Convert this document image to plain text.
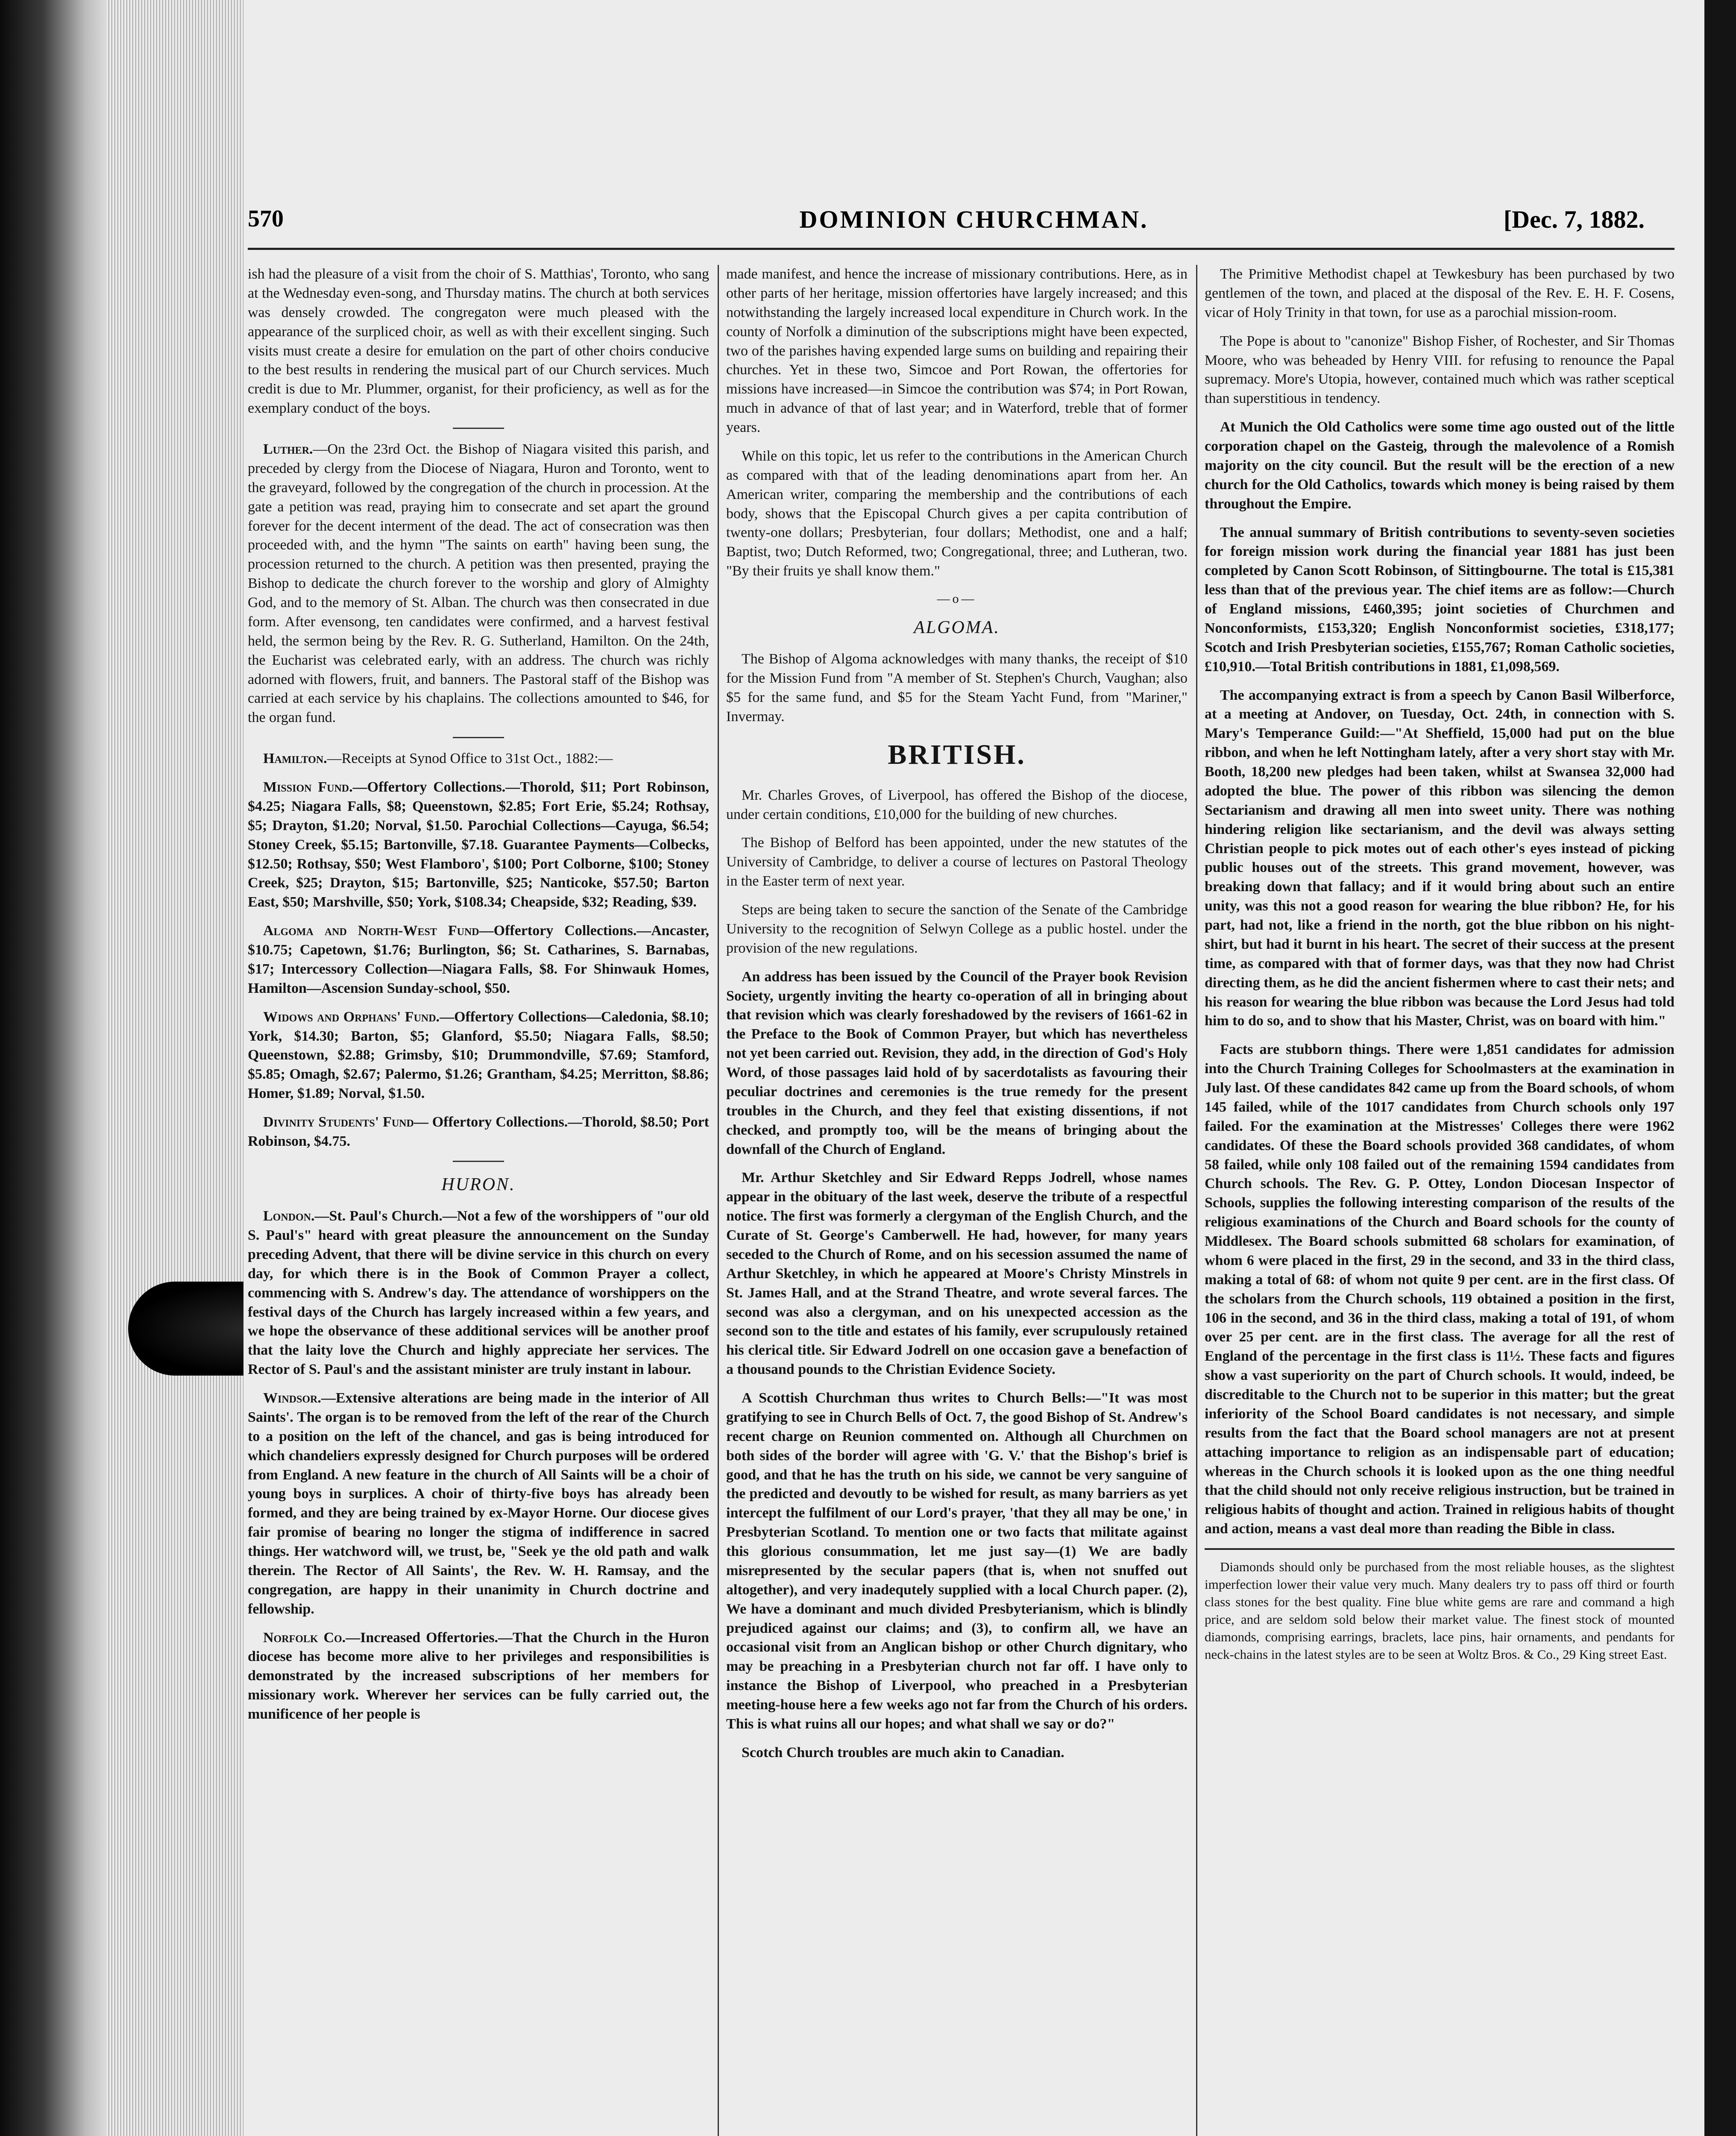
570	DOMINION CHURCHMAN.	[Dec. 7, 1882.

ish had the pleasure of a visit from the choir of S. Matthias', Toronto, who sang at the Wednesday even-song, and Thursday matins. The church at both services was densely crowded. The congregaton were much pleased with the appearance of the surpliced choir, as well as with their excellent singing. Such visits must create a desire for emulation on the part of other choirs conducive to the best results in rendering the musical part of our Church services. Much credit is due to Mr. Plummer, organist, for their proficiency, as well as for the exemplary conduct of the boys.

Luther.—On the 23rd Oct. the Bishop of Niagara visited this parish, and preceded by clergy from the Diocese of Niagara, Huron and Toronto, went to the graveyard, followed by the congregation of the church in procession. At the gate a petition was read, praying him to consecrate and set apart the ground forever for the decent interment of the dead. The act of consecration was then proceeded with, and the hymn "The saints on earth" having been sung, the procession returned to the church. A petition was then presented, praying the Bishop to dedicate the church forever to the worship and glory of Almighty God, and to the memory of St. Alban. The church was then consecrated in due form. After evensong, ten candidates were confirmed, and a harvest festival held, the sermon being by the Rev. R. G. Sutherland, Hamilton. On the 24th, the Eucharist was celebrated early, with an address. The church was richly adorned with flowers, fruit, and banners. The Pastoral staff of the Bishop was carried at each service by his chaplains. The collections amounted to $46, for the organ fund.

Hamilton.—Receipts at Synod Office to 31st Oct., 1882:—

Mission Fund.—Offertory Collections.—Thorold, $11; Port Robinson, $4.25; Niagara Falls, $8; Queenstown, $2.85; Fort Erie, $5.24; Rothsay, $5; Drayton, $1.20; Norval, $1.50. Parochial Collections—Cayuga, $6.54; Stoney Creek, $5.15; Bartonville, $7.18. Guarantee Payments—Colbecks, $12.50; Rothsay, $50; West Flamboro', $100; Port Colborne, $100; Stoney Creek, $25; Drayton, $15; Bartonville, $25; Nanticoke, $57.50; Barton East, $50; Marshville, $50; York, $108.34; Cheapside, $32; Reading, $39.

Algoma and North-West Fund—Offertory Collections.—Ancaster, $10.75; Capetown, $1.76; Burlington, $6; St. Catharines, S. Barnabas, $17; Intercessory Collection—Niagara Falls, $8. For Shinwauk Homes, Hamilton—Ascension Sunday-school, $50.

Widows and Orphans' Fund.—Offertory Collections—Caledonia, $8.10; York, $14.30; Barton, $5; Glanford, $5.50; Niagara Falls, $8.50; Queenstown, $2.88; Grimsby, $10; Drummondville, $7.69; Stamford, $5.85; Omagh, $2.67; Palermo, $1.26; Grantham, $4.25; Merritton, $8.86; Homer, $1.89; Norval, $1.50.

Divinity Students' Fund— Offertory Collections.—Thorold, $8.50; Port Robinson, $4.75.

HURON.

London.—St. Paul's Church.—Not a few of the worshippers of "our old S. Paul's" heard with great pleasure the announcement on the Sunday preceding Advent, that there will be divine service in this church on every day, for which there is in the Book of Common Prayer a collect, commencing with S. Andrew's day. The attendance of worshippers on the festival days of the Church has largely increased within a few years, and we hope the observance of these additional services will be another proof that the laity love the Church and highly appreciate her services. The Rector of S. Paul's and the assistant minister are truly instant in labour.

Windsor.—Extensive alterations are being made in the interior of All Saints'. The organ is to be removed from the left of the rear of the Church to a position on the left of the chancel, and gas is being introduced for which chandeliers expressly designed for Church purposes will be ordered from England. A new feature in the church of All Saints will be a choir of young boys in surplices. A choir of thirty-five boys has already been formed, and they are being trained by ex-Mayor Horne. Our diocese gives fair promise of bearing no longer the stigma of indifference in sacred things. Her watchword will, we trust, be, "Seek ye the old path and walk therein. The Rector of All Saints', the Rev. W. H. Ramsay, and the congregation, are happy in their unanimity in Church doctrine and fellowship.

Norfolk Co.—Increased Offertories.—That the Church in the Huron diocese has become more alive to her privileges and responsibilities is demonstrated by the increased subscriptions of her members for missionary work. Wherever her services can be fully carried out, the munificence of her people is

made manifest, and hence the increase of missionary contributions. Here, as in other parts of her heritage, mission offertories have largely increased; and this notwithstanding the largely increased local expenditure in Church work. In the county of Norfolk a diminution of the subscriptions might have been expected, two of the parishes having expended large sums on building and repairing their churches. Yet in these two, Simcoe and Port Rowan, the offertories for missions have increased—in Simcoe the contribution was $74; in Port Rowan, much in advance of that of last year; and in Waterford, treble that of former years.

While on this topic, let us refer to the contributions in the American Church as compared with that of the leading denominations apart from her. An American writer, comparing the membership and the contributions of each body, shows that the Episcopal Church gives a per capita contribution of twenty-one dollars; Presbyterian, four dollars; Methodist, one and a half; Baptist, two; Dutch Reformed, two; Congregational, three; and Lutheran, two. "By their fruits ye shall know them."

—o—
ALGOMA.

The Bishop of Algoma acknowledges with many thanks, the receipt of $10 for the Mission Fund from "A member of St. Stephen's Church, Vaughan; also $5 for the same fund, and $5 for the Steam Yacht Fund, from "Mariner," Invermay.

BRITISH.

Mr. Charles Groves, of Liverpool, has offered the Bishop of the diocese, under certain conditions, £10,000 for the building of new churches.

The Bishop of Belford has been appointed, under the new statutes of the University of Cambridge, to deliver a course of lectures on Pastoral Theology in the Easter term of next year.

Steps are being taken to secure the sanction of the Senate of the Cambridge University to the recognition of Selwyn College as a public hostel. under the provision of the new regulations.

An address has been issued by the Council of the Prayer book Revision Society, urgently inviting the hearty co-operation of all in bringing about that revision which was clearly foreshadowed by the revisers of 1661-62 in the Preface to the Book of Common Prayer, but which has nevertheless not yet been carried out. Revision, they add, in the direction of God's Holy Word, of those passages laid hold of by sacerdotalists as favouring their peculiar doctrines and ceremonies is the true remedy for the present troubles in the Church, and they feel that existing dissentions, if not checked, and promptly too, will be the means of bringing about the downfall of the Church of England.

Mr. Arthur Sketchley and Sir Edward Repps Jodrell, whose names appear in the obituary of the last week, deserve the tribute of a respectful notice. The first was formerly a clergyman of the English Church, and the Curate of St. George's Camberwell. He had, however, for many years seceded to the Church of Rome, and on his secession assumed the name of Arthur Sketchley, in which he appeared at Moore's Christy Minstrels in St. James Hall, and at the Strand Theatre, and wrote several farces. The second was also a clergyman, and on his unexpected accession as the second son to the title and estates of his family, ever scrupulously retained his clerical title. Sir Edward Jodrell on one occasion gave a benefaction of a thousand pounds to the Christian Evidence Society.

A Scottish Churchman thus writes to Church Bells:—"It was most gratifying to see in Church Bells of Oct. 7, the good Bishop of St. Andrew's recent charge on Reunion commented on. Although all Churchmen on both sides of the border will agree with 'G. V.' that the Bishop's brief is good, and that he has the truth on his side, we cannot be very sanguine of the predicted and devoutly to be wished for result, as many barriers as yet intercept the fulfilment of our Lord's prayer, 'that they all may be one,' in Presbyterian Scotland. To mention one or two facts that militate against this glorious consummation, let me just say—(1) We are badly misrepresented by the secular papers (that is, when not snuffed out altogether), and very inadequtely supplied with a local Church paper. (2), We have a dominant and much divided Presbyterianism, which is blindly prejudiced against our claims; and (3), to confirm all, we have an occasional visit from an Anglican bishop or other Church dignitary, who may be preaching in a Presbyterian church not far off. I have only to instance the Bishop of Liverpool, who preached in a Presbyterian meeting-house here a few weeks ago not far from the Church of his orders. This is what ruins all our hopes; and what shall we say or do?"

Scotch Church troubles are much akin to Canadian.

The Primitive Methodist chapel at Tewkesbury has been purchased by two gentlemen of the town, and placed at the disposal of the Rev. E. H. F. Cosens, vicar of Holy Trinity in that town, for use as a parochial mission-room.

The Pope is about to "canonize" Bishop Fisher, of Rochester, and Sir Thomas Moore, who was beheaded by Henry VIII. for refusing to renounce the Papal supremacy. More's Utopia, however, contained much which was rather sceptical than superstitious in tendency.

At Munich the Old Catholics were some time ago ousted out of the little corporation chapel on the Gasteig, through the malevolence of a Romish majority on the city council. But the result will be the erection of a new church for the Old Catholics, towards which money is being raised by them throughout the Empire.

The annual summary of British contributions to seventy-seven societies for foreign mission work during the financial year 1881 has just been completed by Canon Scott Robinson, of Sittingbourne. The total is £15,381 less than that of the previous year. The chief items are as follow:—Church of England missions, £460,395; joint societies of Churchmen and Nonconformists, £153,320; English Nonconformist societies, £318,177; Scotch and Irish Presbyterian societies, £155,767; Roman Catholic societies, £10,910.—Total British contributions in 1881, £1,098,569.

The accompanying extract is from a speech by Canon Basil Wilberforce, at a meeting at Andover, on Tuesday, Oct. 24th, in connection with S. Mary's Temperance Guild:—"At Sheffield, 15,000 had put on the blue ribbon, and when he left Nottingham lately, after a very short stay with Mr. Booth, 18,200 new pledges had been taken, whilst at Swansea 32,000 had adopted the blue. The power of this ribbon was silencing the demon Sectarianism and drawing all men into sweet unity. There was nothing hindering religion like sectarianism, and the devil was always setting Christian people to pick motes out of each other's eyes instead of picking public houses out of the streets. This grand movement, however, was breaking down that fallacy; and if it would bring about such an entire unity, was this not a good reason for wearing the blue ribbon? He, for his part, had not, like a friend in the north, got the blue ribbon on his night-shirt, but had it burnt in his heart. The secret of their success at the present time, as compared with that of former days, was that they now had Christ directing them, as he did the ancient fishermen where to cast their nets; and his reason for wearing the blue ribbon was because the Lord Jesus had told him to do so, and to show that his Master, Christ, was on board with him."

Facts are stubborn things. There were 1,851 candidates for admission into the Church Training Colleges for Schoolmasters at the examination in July last. Of these candidates 842 came up from the Board schools, of whom 145 failed, while of the 1017 candidates from Church schools only 197 failed. For the examination at the Mistresses' Colleges there were 1962 candidates. Of these the Board schools provided 368 candidates, of whom 58 failed, while only 108 failed out of the remaining 1594 candidates from Church schools. The Rev. G. P. Ottey, London Diocesan Inspector of Schools, supplies the following interesting comparison of the results of the religious examinations of the Church and Board schools for the county of Middlesex. The Board schools submitted 68 scholars for examination, of whom 6 were placed in the first, 29 in the second, and 33 in the third class, making a total of 68: of whom not quite 9 per cent. are in the first class. Of the scholars from the Church schools, 119 obtained a position in the first, 106 in the second, and 36 in the third class, making a total of 191, of whom over 25 per cent. are in the first class. The average for all the rest of England of the percentage in the first class is 11½. These facts and figures show a vast superiority on the part of Church schools. It would, indeed, be discreditable to the Church not to be superior in this matter; but the great inferiority of the School Board candidates is not necessary, and simple results from the fact that the Board school managers are not at present attaching importance to religion as an indispensable part of education; whereas in the Church schools it is looked upon as the one thing needful that the child should not only receive religious instruction, but be trained in religious habits of thought and action. Trained in religious habits of thought and action, means a vast deal more than reading the Bible in class.

Diamonds should only be purchased from the most reliable houses, as the slightest imperfection lower their value very much. Many dealers try to pass off third or fourth class stones for the best quality. Fine blue white gems are rare and command a high price, and are seldom sold below their market value. The finest stock of mounted diamonds, comprising earrings, braclets, lace pins, hair ornaments, and pendants for neck-chains in the latest styles are to be seen at Woltz Bros. & Co., 29 King street East.
